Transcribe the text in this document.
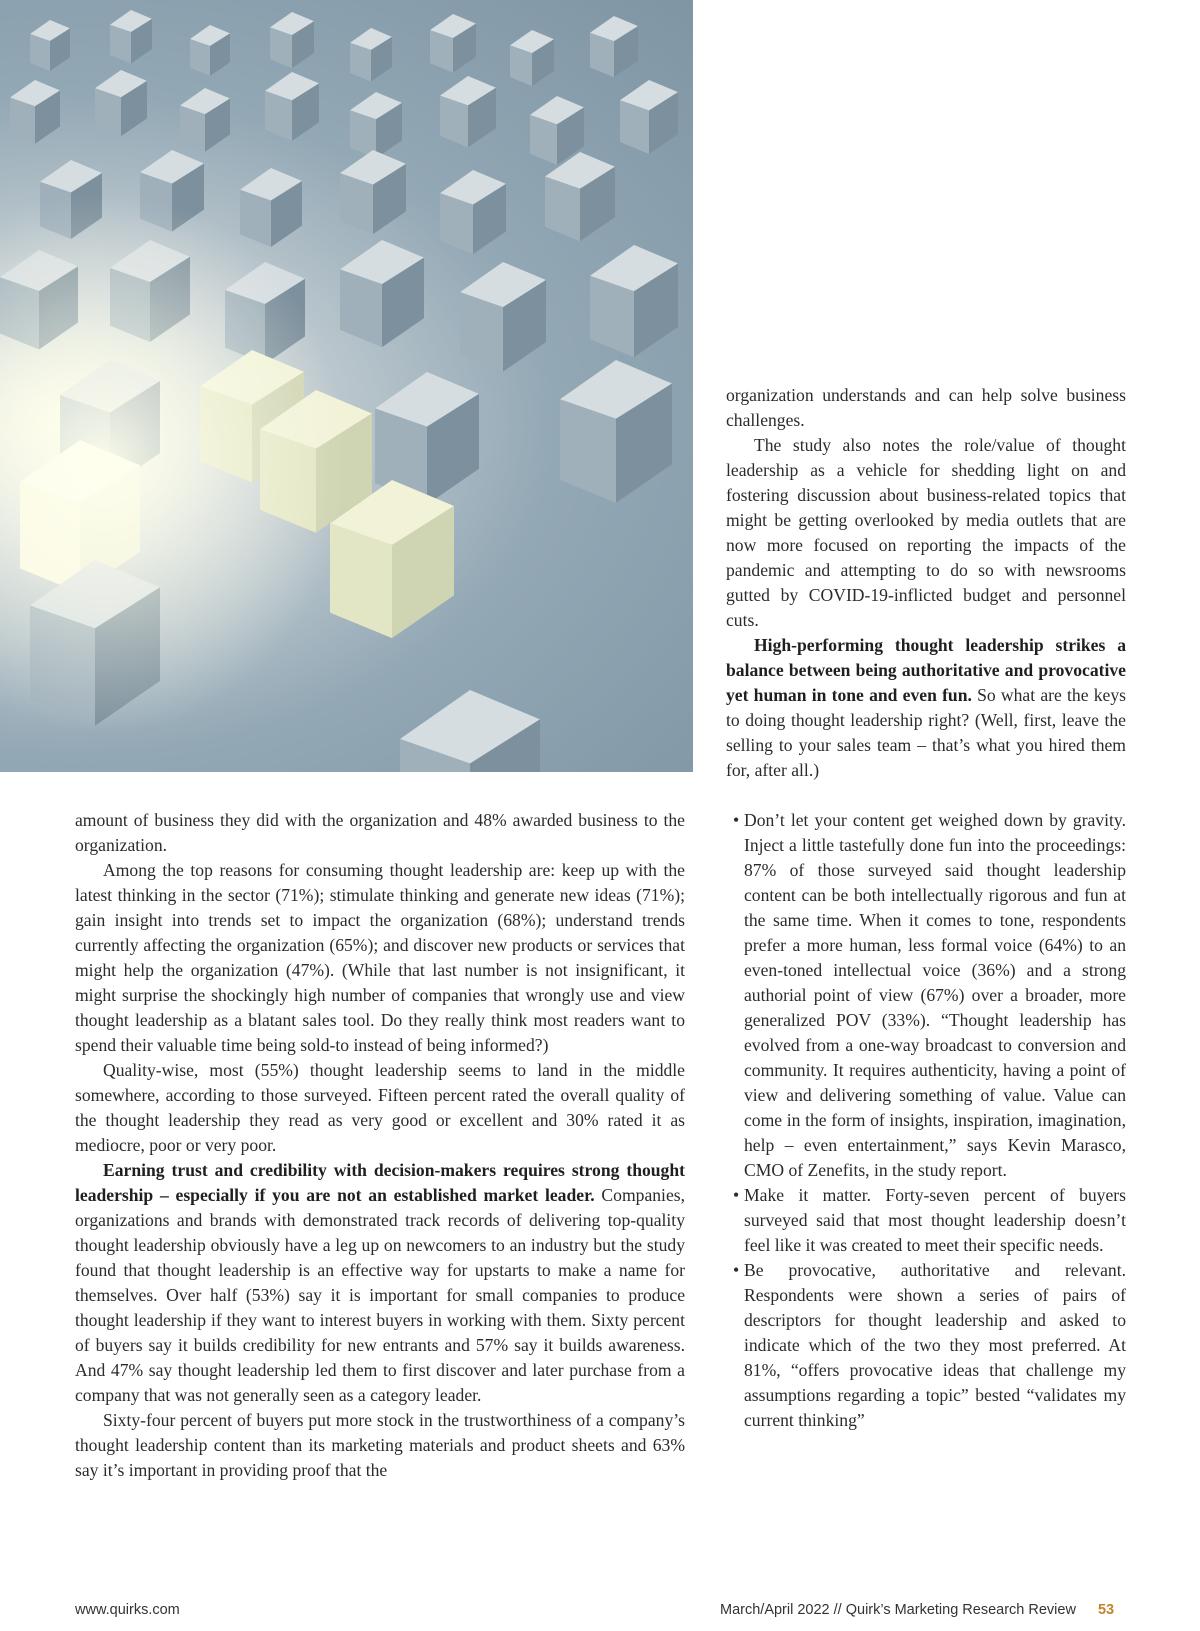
amount of business they did with the organization and 48% awarded business to the organization.

Among the top reasons for consuming thought leadership are: keep up with the latest thinking in the sector (71%); stimulate thinking and generate new ideas (71%); gain insight into trends set to impact the organization (68%); understand trends currently affecting the organization (65%); and discover new products or services that might help the organization (47%). (While that last number is not insignificant, it might surprise the shockingly high number of companies that wrongly use and view thought leadership as a blatant sales tool. Do they really think most readers want to spend their valuable time being sold-to instead of being informed?)

Quality-wise, most (55%) thought leadership seems to land in the middle somewhere, according to those surveyed. Fifteen percent rated the overall quality of the thought leadership they read as very good or excellent and 30% rated it as mediocre, poor or very poor.

Earning trust and credibility with decision-makers requires strong thought leadership – especially if you are not an established market leader. Companies, organizations and brands with demonstrated track records of delivering top-quality thought leadership obviously have a leg up on newcomers to an industry but the study found that thought leadership is an effective way for upstarts to make a name for themselves. Over half (53%) say it is important for small companies to produce thought leadership if they want to interest buyers in working with them. Sixty percent of buyers say it builds credibility for new entrants and 57% say it builds awareness. And 47% say thought leadership led them to first discover and later purchase from a company that was not generally seen as a category leader.

Sixty-four percent of buyers put more stock in the trustworthiness of a company’s thought leadership content than its marketing materials and product sheets and 63% say it’s important in providing proof that the

organization understands and can help solve business challenges.

The study also notes the role/value of thought leadership as a vehicle for shedding light on and fostering discussion about business-related topics that might be getting overlooked by media outlets that are now more focused on reporting the impacts of the pandemic and attempting to do so with newsrooms gutted by COVID-19-inflicted budget and personnel cuts.

High-performing thought leadership strikes a balance between being authoritative and provocative yet human in tone and even fun. So what are the keys to doing thought leadership right? (Well, first, leave the selling to your sales team – that’s what you hired them for, after all.)

• Don’t let your content get weighed down by gravity. Inject a little tastefully done fun into the proceedings: 87% of those surveyed said thought leadership content can be both intellectually rigorous and fun at the same time. When it comes to tone, respondents prefer a more human, less formal voice (64%) to an even-toned intellectual voice (36%) and a strong authorial point of view (67%) over a broader, more generalized POV (33%). “Thought leadership has evolved from a one-way broadcast to conversion and community. It requires authenticity, having a point of view and delivering something of value. Value can come in the form of insights, inspiration, imagination, help – even entertainment,” says Kevin Marasco, CMO of Zenefits, in the study report.
• Make it matter. Forty-seven percent of buyers surveyed said that most thought leadership doesn’t feel like it was created to meet their specific needs.
• Be provocative, authoritative and relevant. Respondents were shown a series of pairs of descriptors for thought leadership and asked to indicate which of the two they most preferred. At 81%, “offers provocative ideas that challenge my assumptions regarding a topic” bested “validates my current thinking”
www.quirks.com	March/April 2022 // Quirk’s Marketing Research Review 53
